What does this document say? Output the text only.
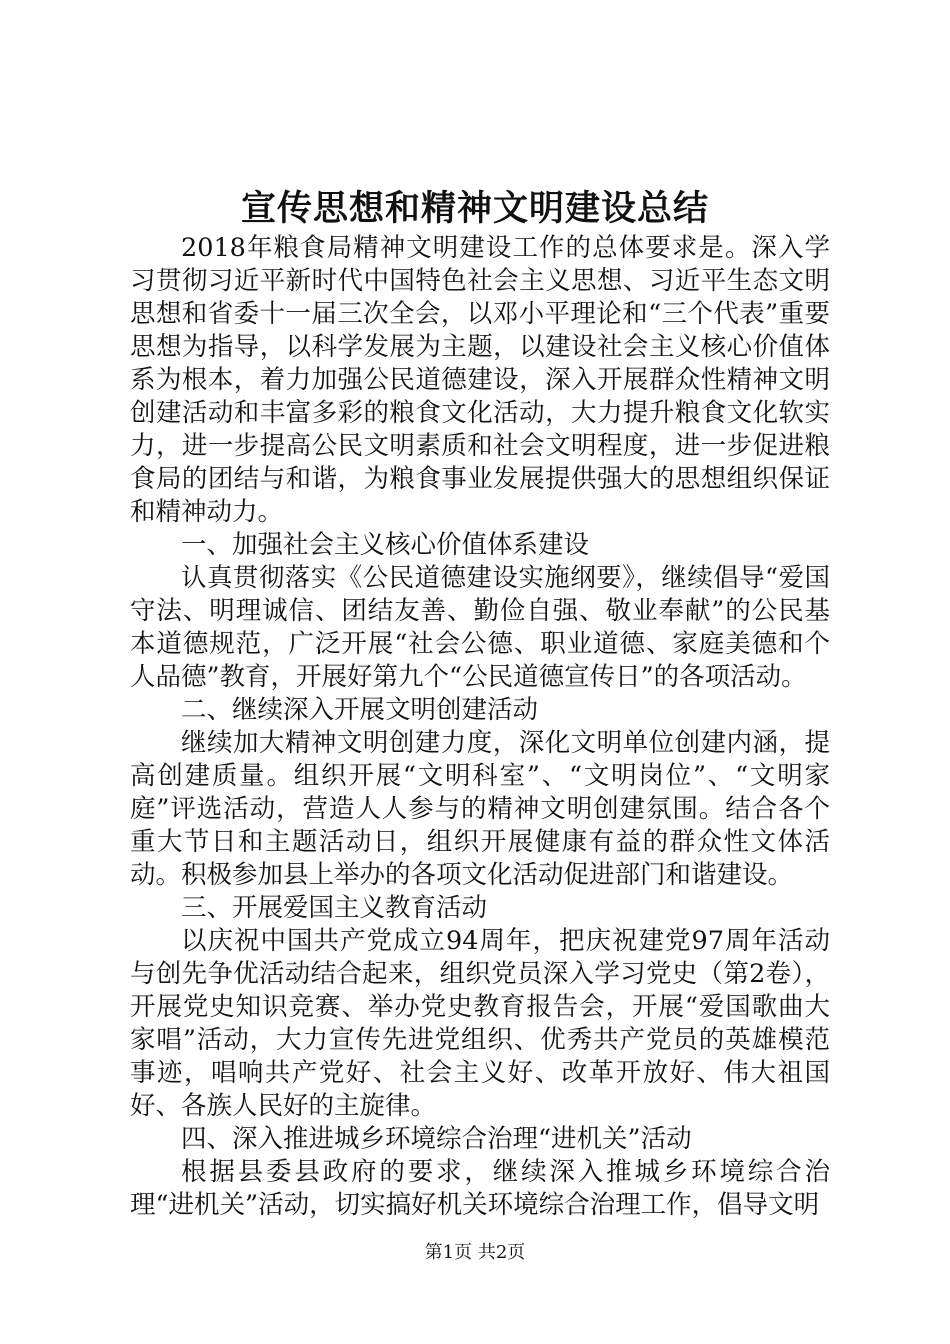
宣传思想和精神文明建设总结

2018年粮食局精神文明建设工作的总体要求是。深入学习贯彻习近平新时代中国特色社会主义思想、习近平生态文明思想和省委十一届三次全会，以邓小平理论和“三个代表”重要思想为指导，以科学发展为主题，以建设社会主义核心价值体系为根本，着力加强公民道德建设，深入开展群众性精神文明创建活动和丰富多彩的粮食文化活动，大力提升粮食文化软实力，进一步提高公民文明素质和社会文明程度，进一步促进粮食局的团结与和谐，为粮食事业发展提供强大的思想组织保证和精神动力。

一、加强社会主义核心价值体系建设

认真贯彻落实《公民道德建设实施纲要》，继续倡导“爱国守法、明理诚信、团结友善、勤俭自强、敬业奉献”的公民基本道德规范，广泛开展“社会公德、职业道德、家庭美德和个人品德”教育，开展好第九个“公民道德宣传日”的各项活动。

二、继续深入开展文明创建活动

继续加大精神文明创建力度，深化文明单位创建内涵，提高创建质量。组织开展“文明科室”、“文明岗位”、“文明家庭”评选活动，营造人人参与的精神文明创建氛围。结合各个重大节日和主题活动日，组织开展健康有益的群众性文体活动。积极参加县上举办的各项文化活动促进部门和谐建设。

三、开展爱国主义教育活动

以庆祝中国共产党成立94周年，把庆祝建党97周年活动与创先争优活动结合起来，组织党员深入学习党史（第2卷），开展党史知识竞赛、举办党史教育报告会，开展“爱国歌曲大家唱”活动，大力宣传先进党组织、优秀共产党员的英雄模范事迹，唱响共产党好、社会主义好、改革开放好、伟大祖国好、各族人民好的主旋律。

四、深入推进城乡环境综合治理“进机关”活动

根据县委县政府的要求，继续深入推城乡环境综合治理“进机关”活动，切实搞好机关环境综合治理工作，倡导文明

第1页 共2页
